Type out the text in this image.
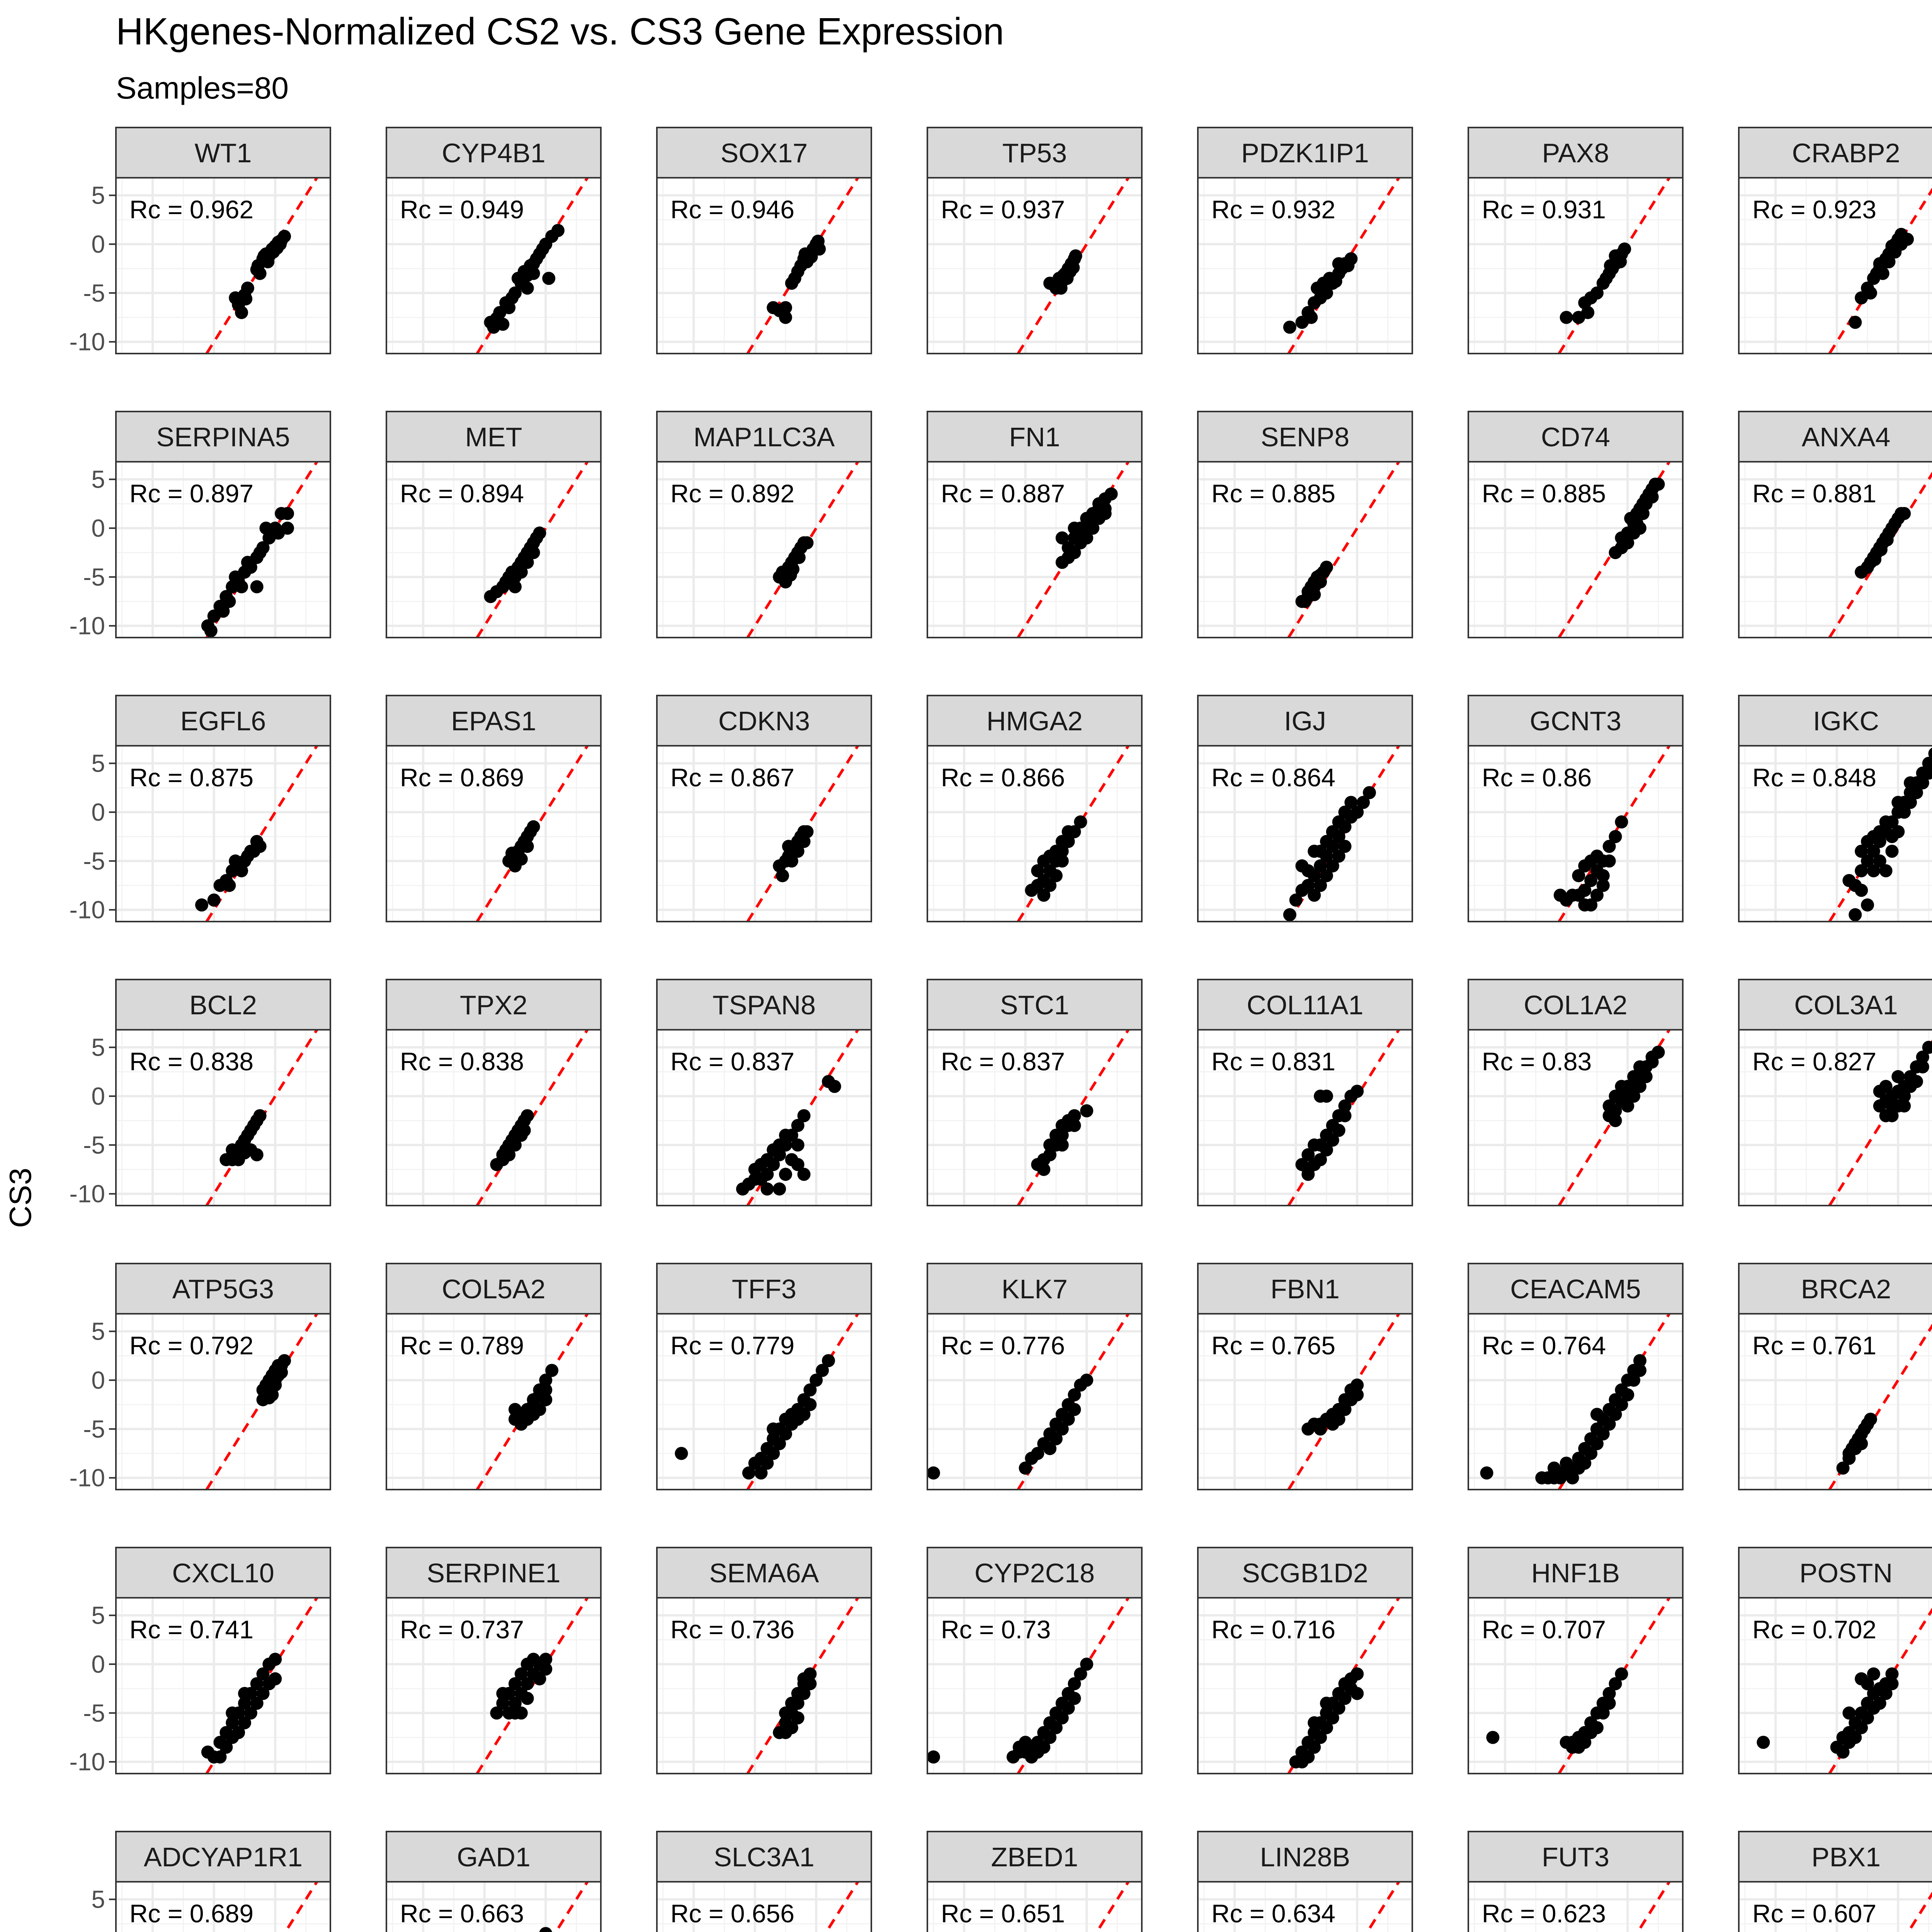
HKgenes-Normalized CS2 vs. CS3 Gene Expression
Samples=80
CS3
WT1
Rc = 0.962
5
0
-5
-10
CYP4B1
Rc = 0.949
SOX17
Rc = 0.946
TP53
Rc = 0.937
PDZK1IP1
Rc = 0.932
PAX8
Rc = 0.931
CRABP2
Rc = 0.923
SERPINA5
Rc = 0.897
5
0
-5
-10
MET
Rc = 0.894
MAP1LC3A
Rc = 0.892
FN1
Rc = 0.887
SENP8
Rc = 0.885
CD74
Rc = 0.885
ANXA4
Rc = 0.881
EGFL6
Rc = 0.875
5
0
-5
-10
EPAS1
Rc = 0.869
CDKN3
Rc = 0.867
HMGA2
Rc = 0.866
IGJ
Rc = 0.864
GCNT3
Rc = 0.86
IGKC
Rc = 0.848
BCL2
Rc = 0.838
5
0
-5
-10
TPX2
Rc = 0.838
TSPAN8
Rc = 0.837
STC1
Rc = 0.837
COL11A1
Rc = 0.831
COL1A2
Rc = 0.83
COL3A1
Rc = 0.827
ATP5G3
Rc = 0.792
5
0
-5
-10
COL5A2
Rc = 0.789
TFF3
Rc = 0.779
KLK7
Rc = 0.776
FBN1
Rc = 0.765
CEACAM5
Rc = 0.764
BRCA2
Rc = 0.761
CXCL10
Rc = 0.741
5
0
-5
-10
SERPINE1
Rc = 0.737
SEMA6A
Rc = 0.736
CYP2C18
Rc = 0.73
SCGB1D2
Rc = 0.716
HNF1B
Rc = 0.707
POSTN
Rc = 0.702
ADCYAP1R1
Rc = 0.689
5
GAD1
Rc = 0.663
SLC3A1
Rc = 0.656
ZBED1
Rc = 0.651
LIN28B
Rc = 0.634
FUT3
Rc = 0.623
PBX1
Rc = 0.607
